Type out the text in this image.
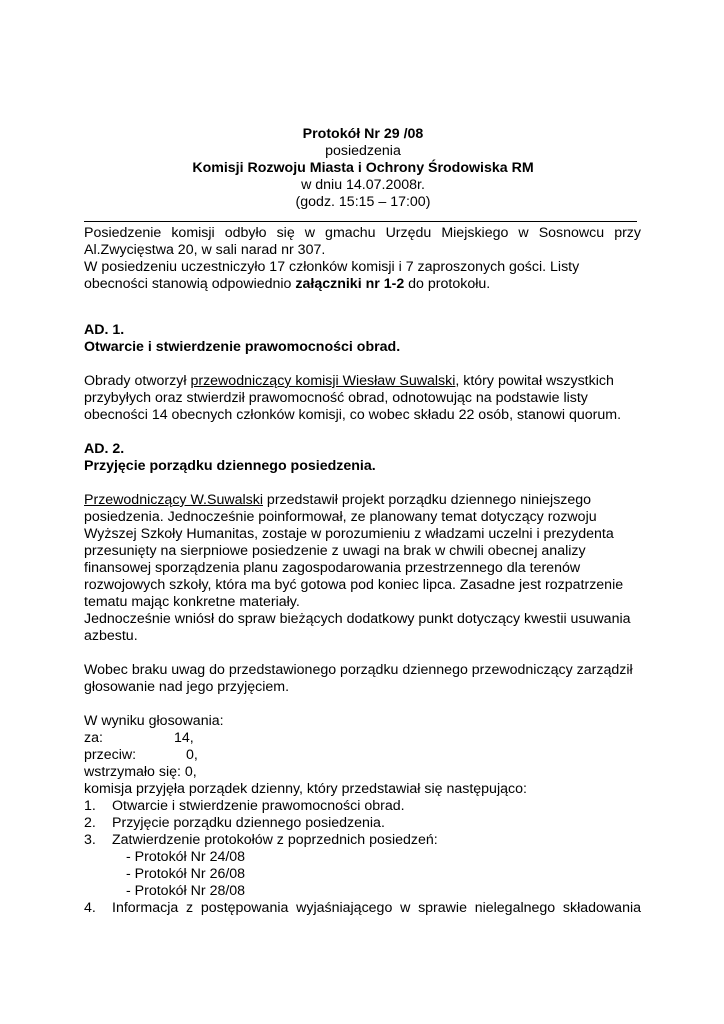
Protokół Nr 29 /08
posiedzenia
Komisji Rozwoju Miasta i Ochrony Środowiska RM
w dniu 14.07.2008r.
(godz. 15:15 – 17:00)
Posiedzenie komisji odbyło się w gmachu Urzędu Miejskiego w Sosnowcu przy
Al.Zwycięstwa 20, w sali narad nr 307.
W posiedzeniu uczestniczyło 17 członków komisji i 7 zaproszonych gości. Listy
obecności stanowią odpowiednio załączniki nr 1-2 do protokołu.
AD. 1.
Otwarcie i stwierdzenie prawomocności obrad.
Obrady otworzył przewodniczący komisji Wiesław Suwalski, który powitał wszystkich
przybyłych oraz stwierdził prawomocność obrad, odnotowując na podstawie listy
obecności 14 obecnych członków komisji, co wobec składu 22 osób, stanowi quorum.
AD. 2.
Przyjęcie porządku dziennego posiedzenia.
Przewodniczący W.Suwalski przedstawił projekt porządku dziennego niniejszego
posiedzenia. Jednocześnie poinformował, ze planowany temat dotyczący rozwoju
Wyższej Szkoły Humanitas, zostaje w porozumieniu z władzami uczelni i prezydenta
przesunięty na sierpniowe posiedzenie z uwagi na brak w chwili obecnej analizy
finansowej sporządzenia planu zagospodarowania przestrzennego dla terenów
rozwojowych szkoły, która ma być gotowa pod koniec lipca. Zasadne jest rozpatrzenie
tematu mając konkretne materiały.
Jednocześnie wniósł do spraw bieżących dodatkowy punkt dotyczący kwestii usuwania
azbestu.
Wobec braku uwag do przedstawionego porządku dziennego przewodniczący zarządził
głosowanie nad jego przyjęciem.
W wyniku głosowania:
za:	14,
przeciw:	0,
wstrzymało się: 0,
komisja przyjęła porządek dzienny, który przedstawiał się następująco:
1. Otwarcie i stwierdzenie prawomocności obrad.
2. Przyjęcie porządku dziennego posiedzenia.
3. Zatwierdzenie protokołów z poprzednich posiedzeń:
- Protokół Nr 24/08
- Protokół Nr 26/08
- Protokół Nr 28/08
4. Informacja z postępowania wyjaśniającego w sprawie nielegalnego składowania
